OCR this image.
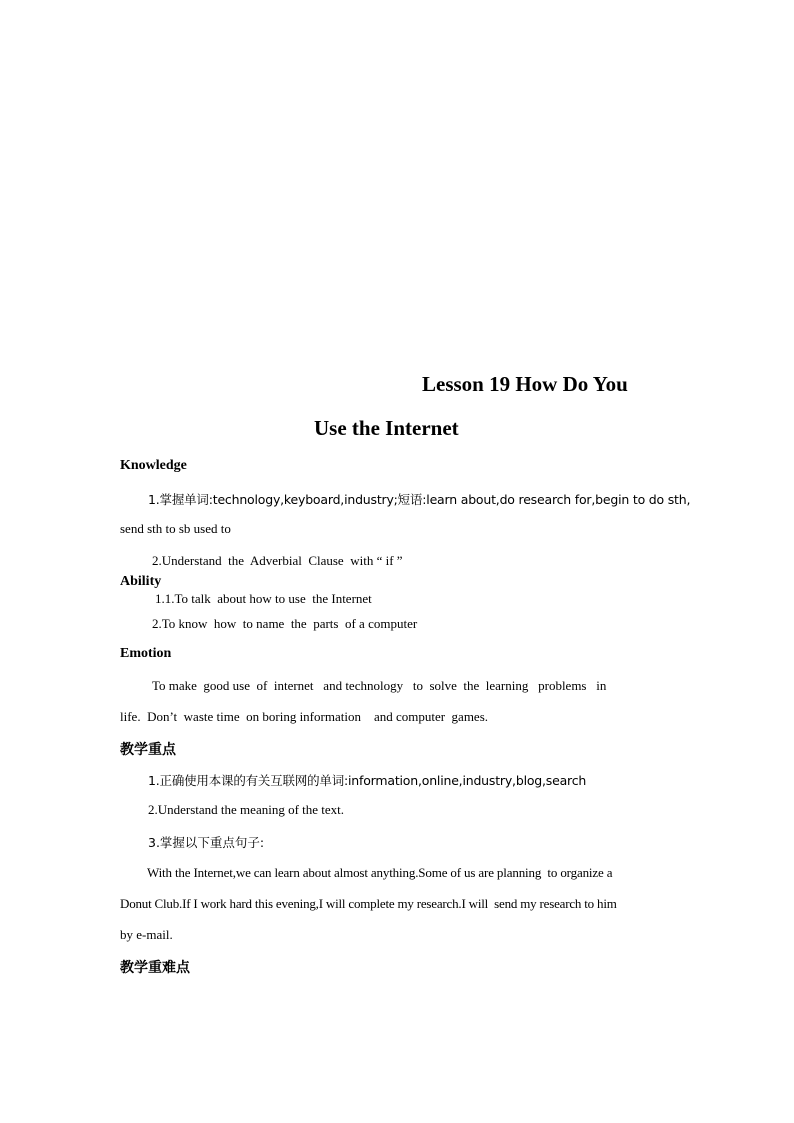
Lesson 19 How Do You
Use the Internet
Knowledge
1.掌握单词:technology,keyboard,industry;短语:learn about,do research for,begin to do sth,
send sth to sb used to
2.Understand  the  Adverbial  Clause  with “ if ”
Ability
1.1.To talk  about how to use  the Internet
2.To know  how  to name  the  parts  of a computer
Emotion
To make  good use  of  internet   and technology   to  solve  the  learning   problems   in
life.  Don’t  waste time  on boring information    and computer  games.
教学重点
1.正确使用本课的有关互联网的单词:information,online,industry,blog,search
2.Understand the meaning of the text.
3.掌握以下重点句子:
With the Internet,we can learn about almost anything.Some of us are planning  to organize a
Donut Club.If I work hard this evening,I will complete my research.I will  send my research to him
by e-mail.
教学重难点
